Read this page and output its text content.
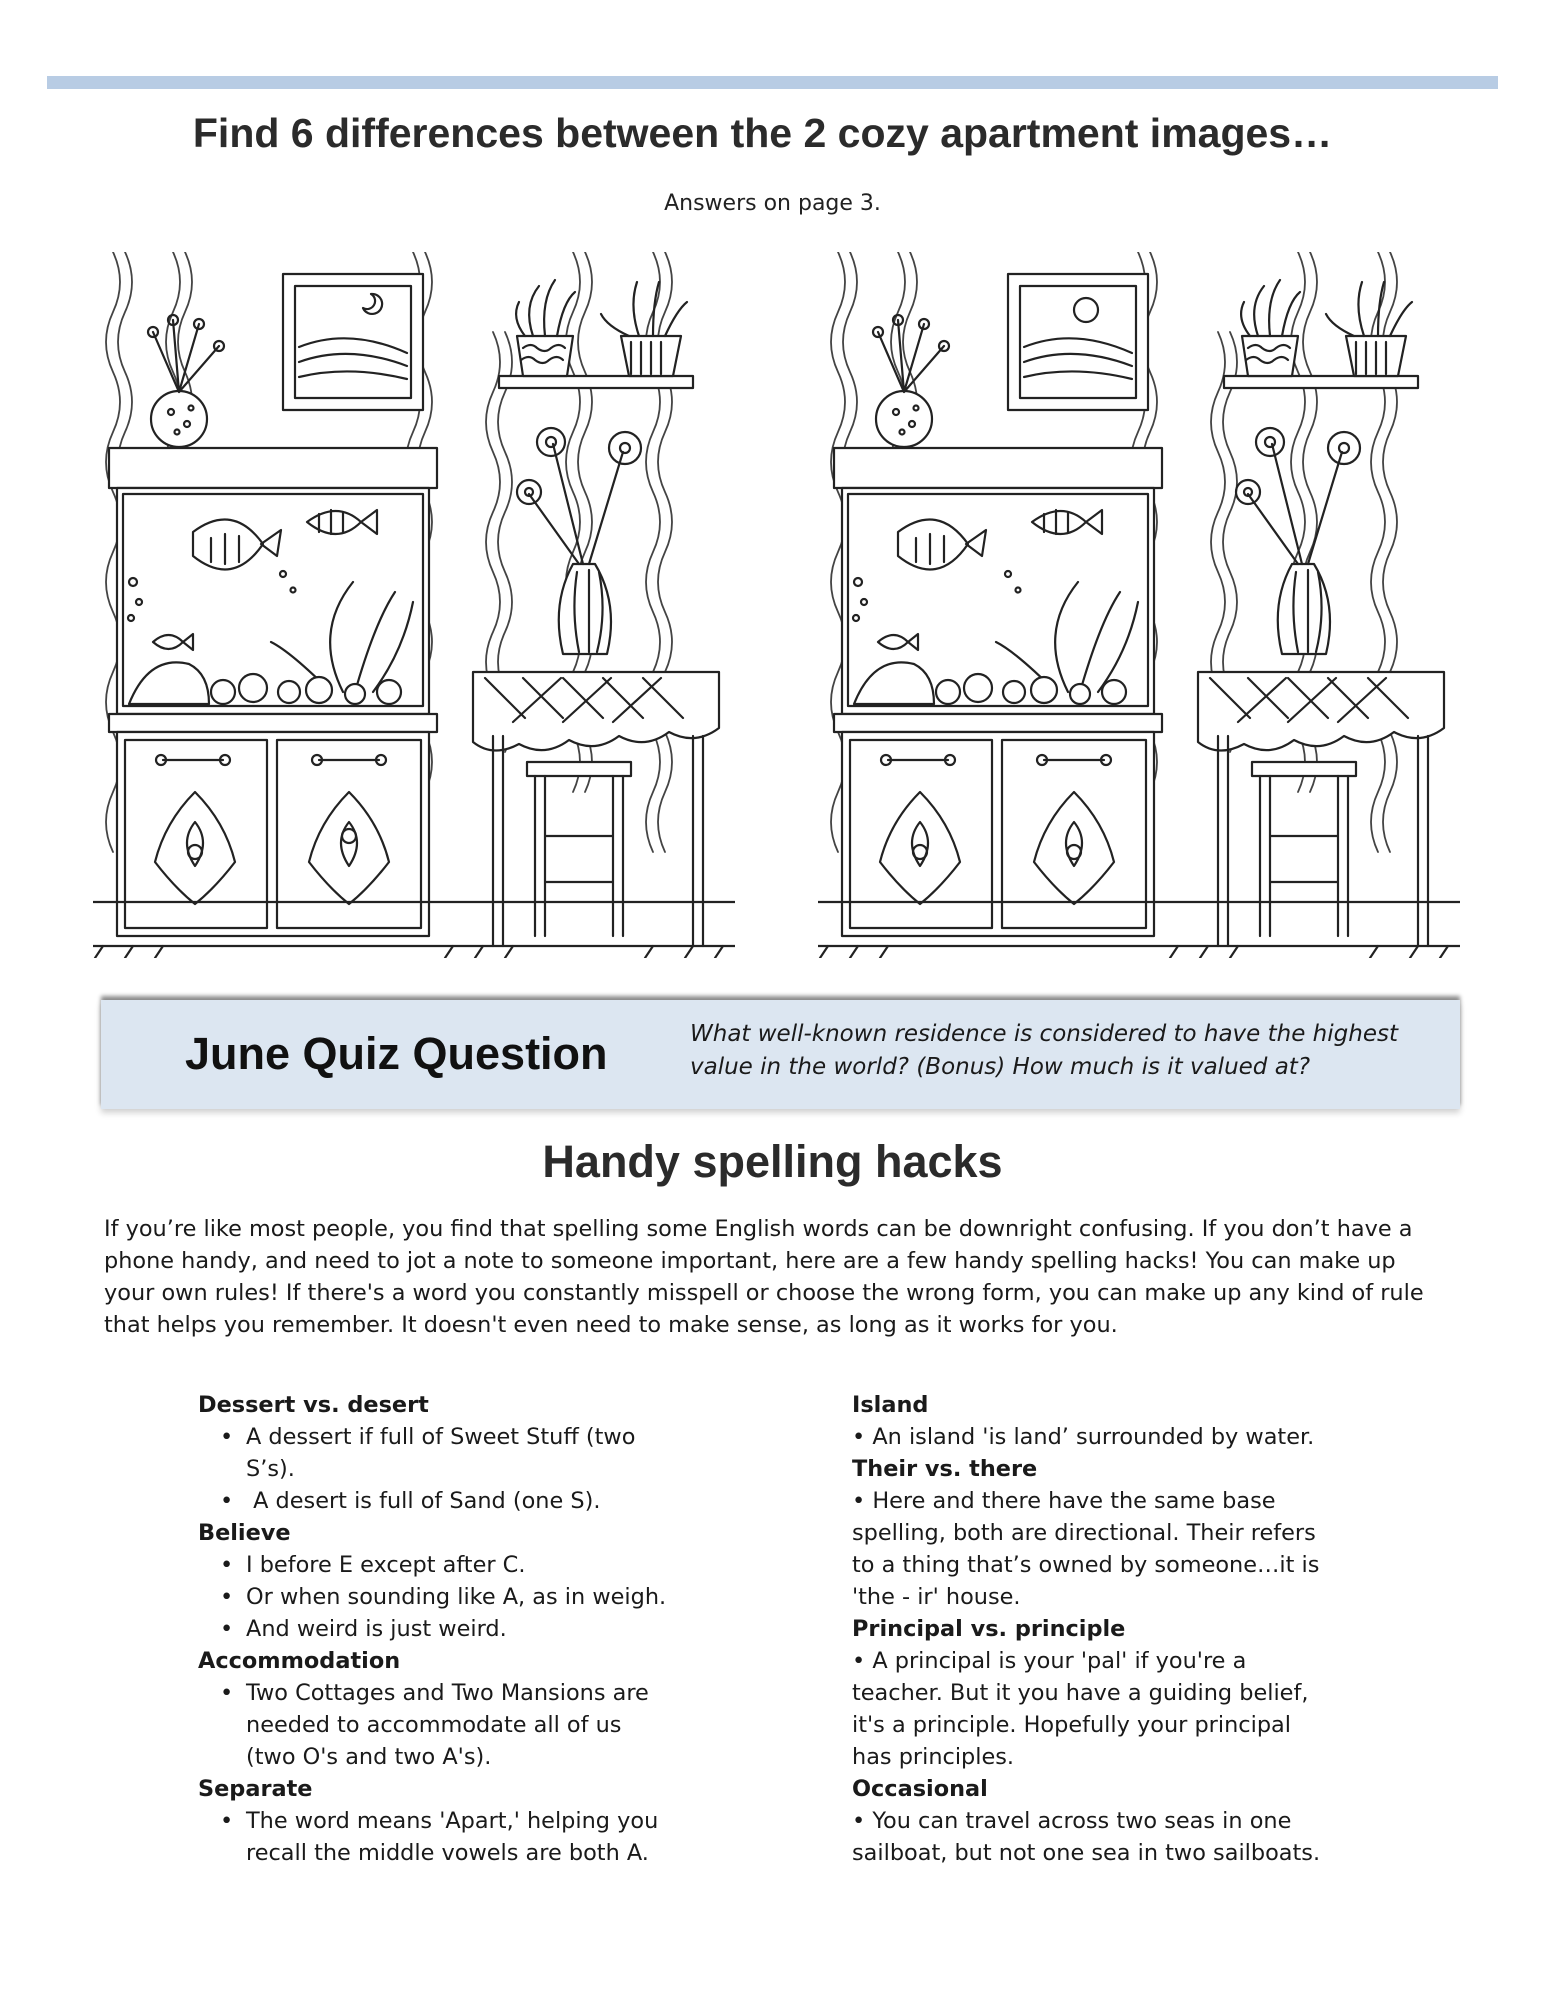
Find 6 differences between the 2 cozy apartment images…
Answers on page 3.
June Quiz Question	What well-known residence is considered to have the highest
value in the world? (Bonus) How much is it valued at?
Handy spelling hacks
If you’re like most people, you find that spelling some English words can be downright confusing. If you don’t have a
phone handy, and need to jot a note to someone important, here are a few handy spelling hacks! You can make up
your own rules! If there's a word you constantly misspell or choose the wrong form, you can make up any kind of rule
that helps you remember. It doesn't even need to make sense, as long as it works for you.
Dessert vs. desert
• A dessert if full of Sweet Stuff (two
S’s).
•  A desert is full of Sand (one S).
Believe
• I before E except after C.
• Or when sounding like A, as in weigh.
• And weird is just weird.
Accommodation
• Two Cottages and Two Mansions are
needed to accommodate all of us
(two O's and two A's).
Separate
• The word means 'Apart,' helping you
recall the middle vowels are both A.
Island

• An island 'is land’ surrounded by water.

Their vs. there

• Here and there have the same base

spelling, both are directional. Their refers

to a thing that’s owned by someone…it is

'the - ir' house.

Principal vs. principle

• A principal is your 'pal' if you're a

teacher. But it you have a guiding belief,

it's a principle. Hopefully your principal

has principles.

Occasional

• You can travel across two seas in one

sailboat, but not one sea in two sailboats.
